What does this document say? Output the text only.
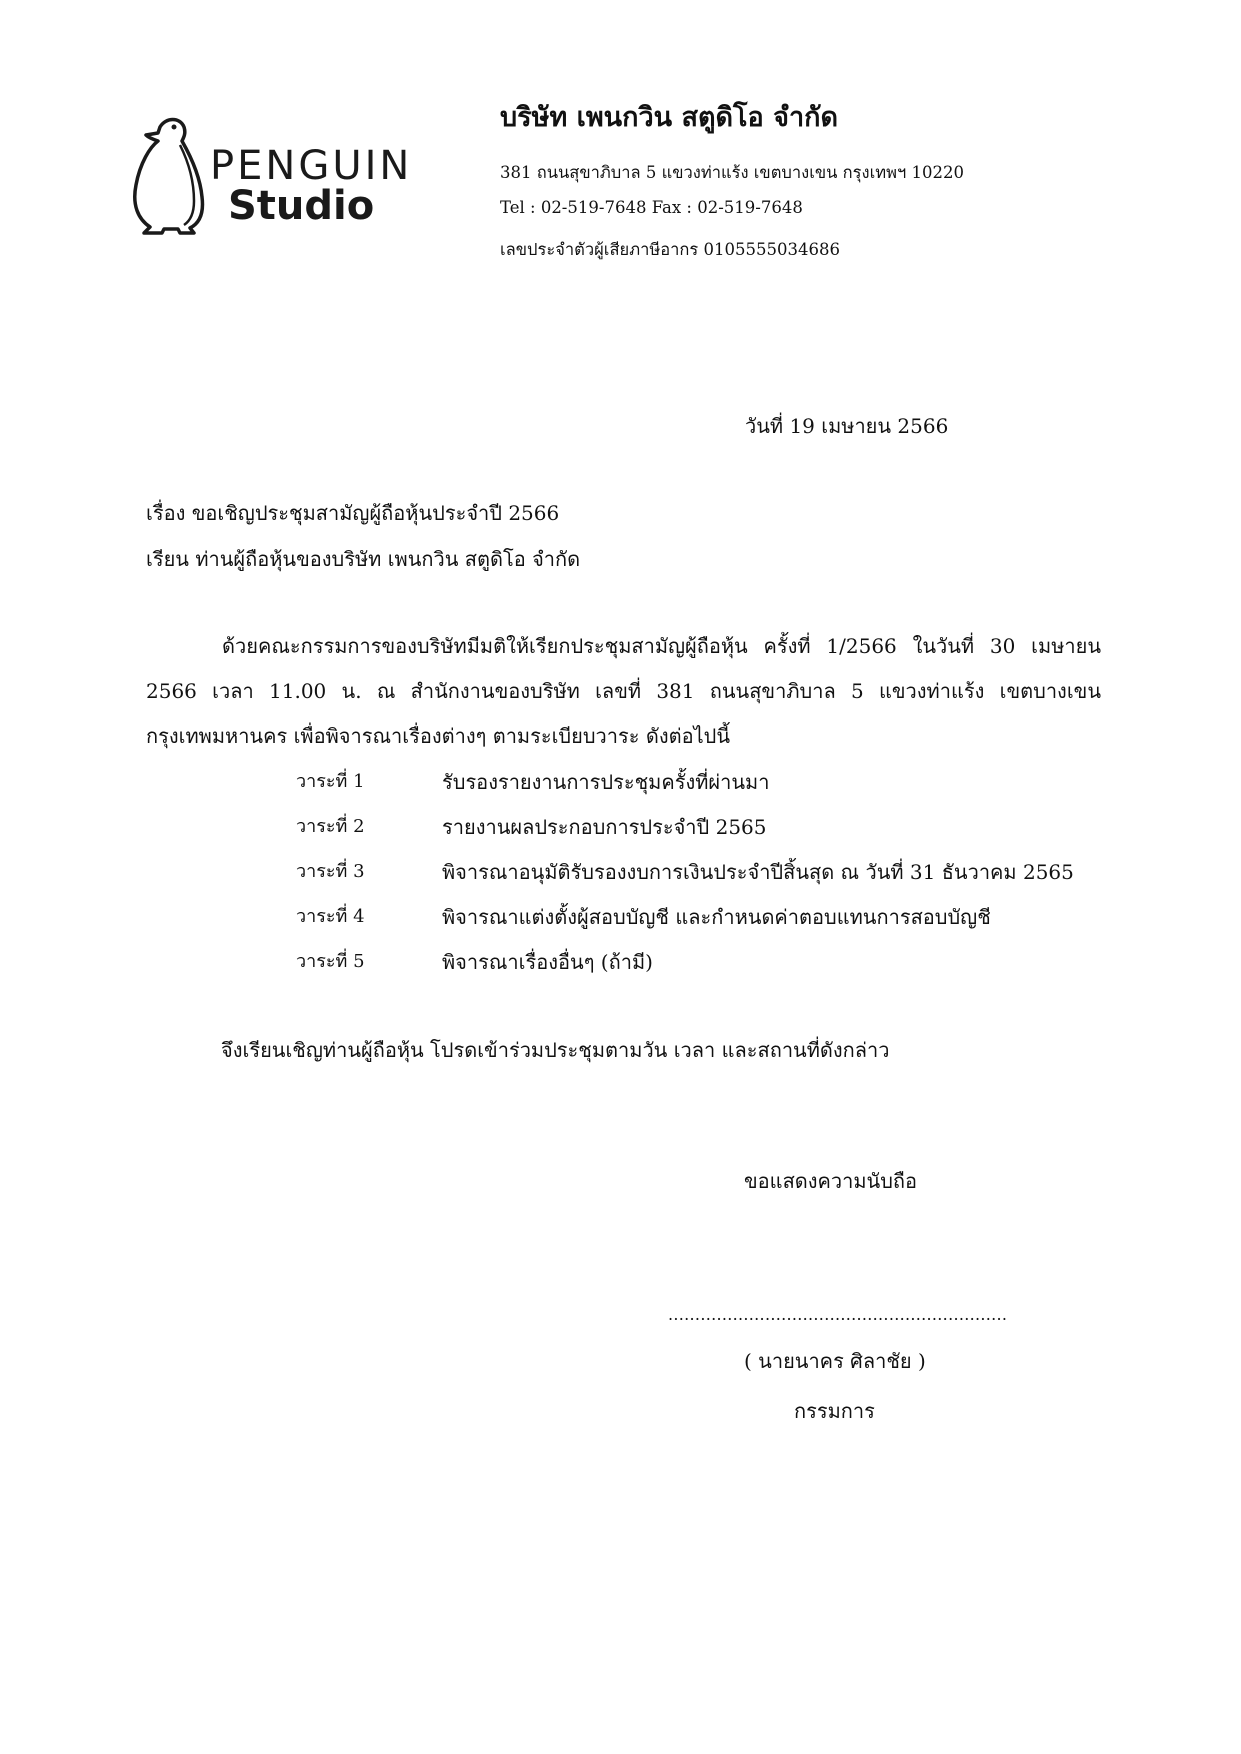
PENGUIN
Studio
บริษัท เพนกวิน สตูดิโอ จำกัด
381 ถนนสุขาภิบาล 5 แขวงท่าแร้ง เขตบางเขน กรุงเทพฯ 10220
Tel : 02-519-7648 Fax : 02-519-7648
เลขประจำตัวผู้เสียภาษีอากร 0105555034686
วันที่ 19 เมษายน 2566
เรื่อง ขอเชิญประชุมสามัญผู้ถือหุ้นประจำปี 2566
เรียน ท่านผู้ถือหุ้นของบริษัท เพนกวิน สตูดิโอ จำกัด
ด้วยคณะกรรมการของบริษัทมีมติให้เรียกประชุมสามัญผู้ถือหุ้น ครั้งที่ 1/2566 ในวันที่ 30 เมษายน
2566 เวลา 11.00 น. ณ สำนักงานของบริษัท เลขที่ 381 ถนนสุขาภิบาล 5 แขวงท่าแร้ง เขตบางเขน
กรุงเทพมหานคร เพื่อพิจารณาเรื่องต่างๆ ตามระเบียบวาระ ดังต่อไปนี้
วาระที่ 1	รับรองรายงานการประชุมครั้งที่ผ่านมา
วาระที่ 2	รายงานผลประกอบการประจำปี 2565
วาระที่ 3	พิจารณาอนุมัติรับรองงบการเงินประจำปีสิ้นสุด ณ วันที่ 31 ธันวาคม 2565
วาระที่ 4	พิจารณาแต่งตั้งผู้สอบบัญชี และกำหนดค่าตอบแทนการสอบบัญชี
วาระที่ 5	พิจารณาเรื่องอื่นๆ (ถ้ามี)
จึงเรียนเชิญท่านผู้ถือหุ้น โปรดเข้าร่วมประชุมตามวัน เวลา และสถานที่ดังกล่าว
ขอแสดงความนับถือ
...............................................................
( นายนาคร ศิลาชัย )
กรรมการ
